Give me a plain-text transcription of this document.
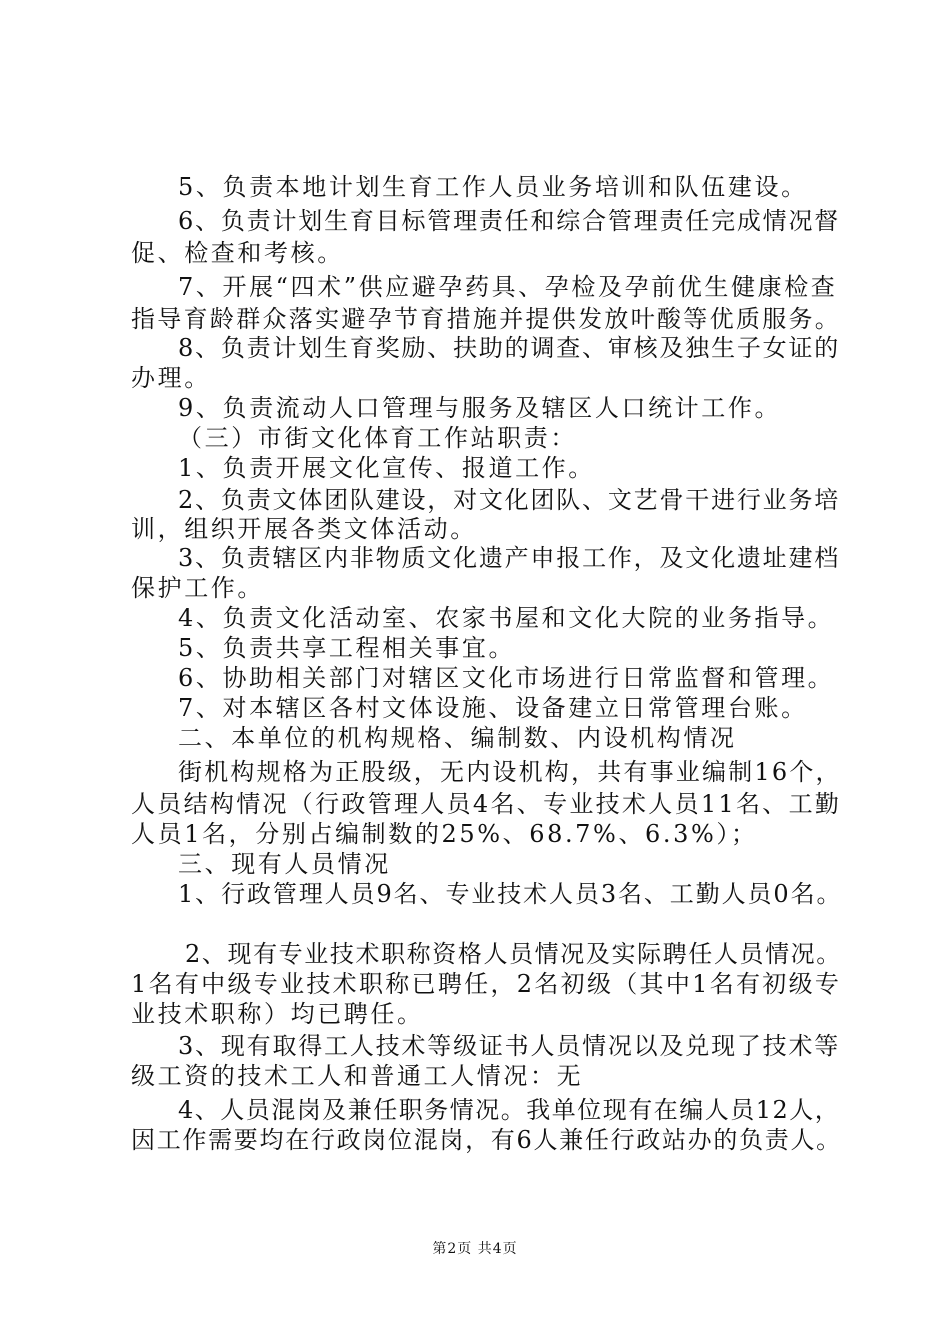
5、负责本地计划生育工作人员业务培训和队伍建设。
6、负责计划生育目标管理责任和综合管理责任完成情况督
促、检查和考核。
7、开展“四术”供应避孕药具、孕检及孕前优生健康检查
指导育龄群众落实避孕节育措施并提供发放叶酸等优质服务。
8、负责计划生育奖励、扶助的调查、审核及独生子女证的
办理。
9、负责流动人口管理与服务及辖区人口统计工作。
（三）市街文化体育工作站职责：
1、负责开展文化宣传、报道工作。
2、负责文体团队建设，对文化团队、文艺骨干进行业务培
训，组织开展各类文体活动。
3、负责辖区内非物质文化遗产申报工作，及文化遗址建档
保护工作。
4、负责文化活动室、农家书屋和文化大院的业务指导。
5、负责共享工程相关事宜。
6、协助相关部门对辖区文化市场进行日常监督和管理。
7、对本辖区各村文体设施、设备建立日常管理台账。
二、本单位的机构规格、编制数、内设机构情况
街机构规格为正股级，无内设机构，共有事业编制16个，
人员结构情况（行政管理人员4名、专业技术人员11名、工勤
人员1名，分别占编制数的25%、68.7%、6.3%）；
三、现有人员情况
1、行政管理人员9名、专业技术人员3名、工勤人员0名。
2、现有专业技术职称资格人员情况及实际聘任人员情况。
1名有中级专业技术职称已聘任，2名初级（其中1名有初级专
业技术职称）均已聘任。
3、现有取得工人技术等级证书人员情况以及兑现了技术等
级工资的技术工人和普通工人情况：无
4、人员混岗及兼任职务情况。我单位现有在编人员12人，
因工作需要均在行政岗位混岗，有6人兼任行政站办的负责人。
第2页 共4页
